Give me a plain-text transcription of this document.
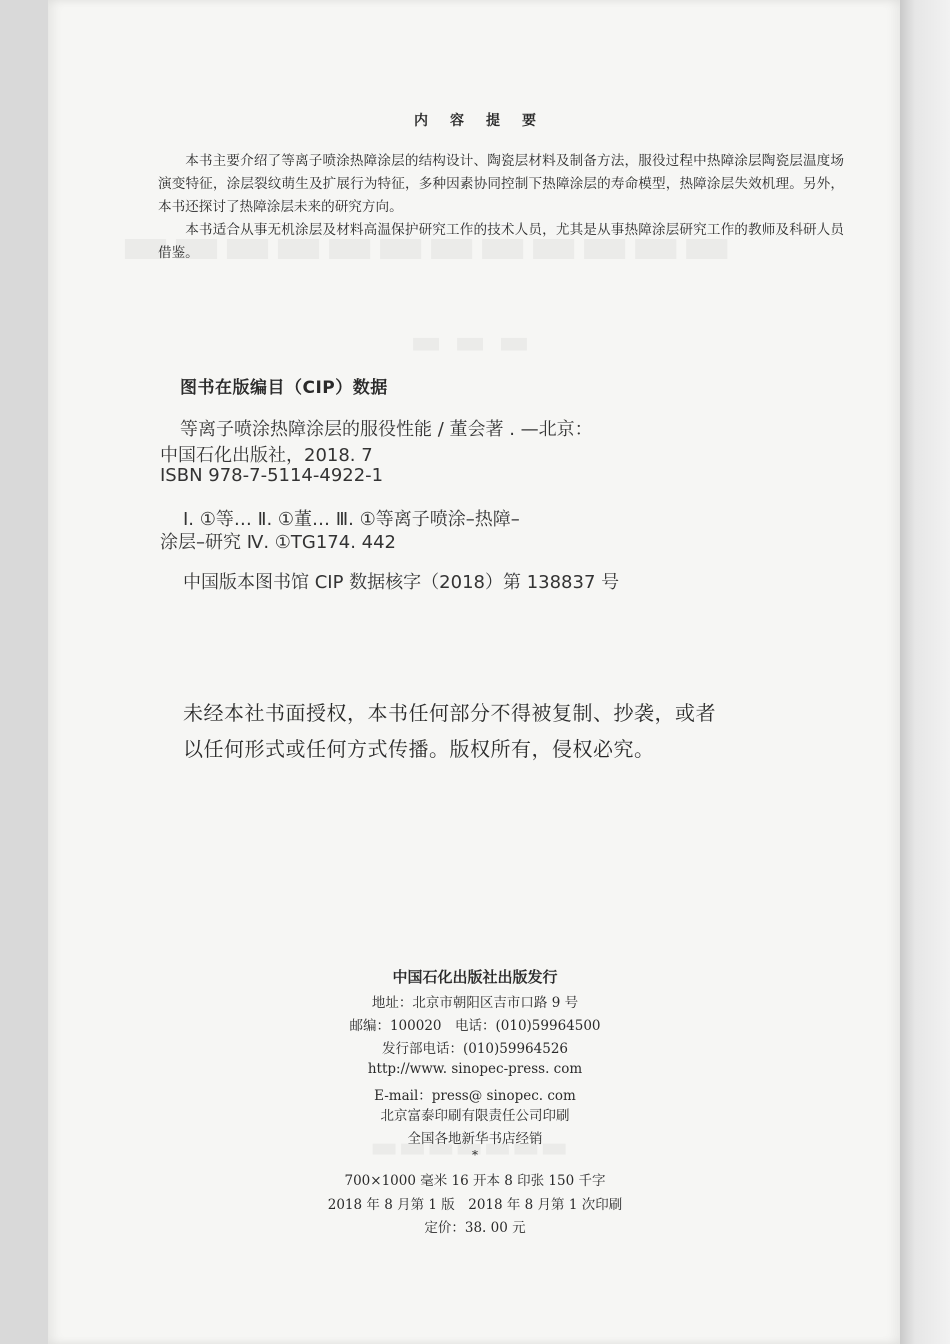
内容提要

本书主要介绍了等离子喷涂热障涂层的结构设计、陶瓷层材料及制备方法，服役过程中热障涂层陶瓷层温度场演变特征，涂层裂纹萌生及扩展行为特征，多种因素协同控制下热障涂层的寿命模型，热障涂层失效机理。另外，本书还探讨了热障涂层未来的研究方向。

本书适合从事无机涂层及材料高温保护研究工作的技术人员，尤其是从事热障涂层研究工作的教师及科研人员借鉴。

图书在版编目（CIP）数据
等离子喷涂热障涂层的服役性能 / 董会著 . —北京：
中国石化出版社，2018. 7
ISBN 978-7-5114-4922-1
Ⅰ. ①等… Ⅱ. ①董… Ⅲ. ①等离子喷涂–热障–
涂层–研究 Ⅳ. ①TG174. 442
中国版本图书馆 CIP 数据核字（2018）第 138837 号
未经本社书面授权，本书任何部分不得被复制、抄袭，或者
以任何形式或任何方式传播。版权所有，侵权必究。
中国石化出版社出版发行
地址：北京市朝阳区吉市口路 9 号
邮编：100020　电话：(010)59964500
发行部电话：(010)59964526
http://www. sinopec-press. com
E-mail：press@ sinopec. com
北京富泰印刷有限责任公司印刷
全国各地新华书店经销
*
700×1000 毫米 16 开本 8 印张 150 千字
2018 年 8 月第 1 版　2018 年 8 月第 1 次印刷
定价：38. 00 元
